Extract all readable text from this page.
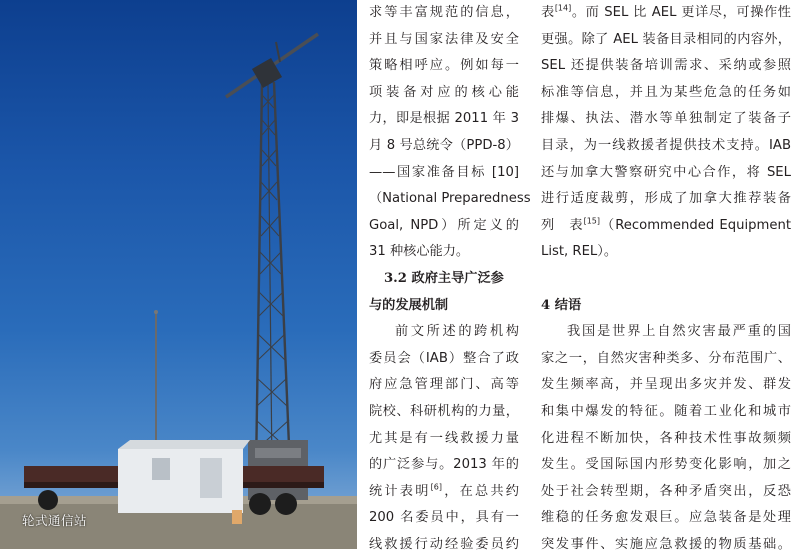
轮式通信站
求等丰富规范的信息，
并且与国家法律及安全
策略相呼应。例如每一
项装备对应的核心能
力，即是根据 2011 年 3
月 8 号总统令（PPD-8）
——国家准备目标 [10]
（National Preparedness
Goal, NPD）所定义的
31 种核心能力。
3.2 政府主导广泛参
与的发展机制
前文所述的跨机构
委员会（IAB）整合了政
府应急管理部门、高等
院校、科研机构的力量，
尤其是有一线救援力量
的广泛参与。2013 年的
统计表明[6]，在总共约
200 名委员中，具有一
线救援行动经验委员约
表[14]。而 SEL 比 AEL 更详尽，可操作性
更强。除了 AEL 装备目录相同的内容外，
SEL 还提供装备培训需求、采纳或参照
标准等信息，并且为某些危急的任务如
排爆、执法、潜水等单独制定了装备子
目录，为一线救援者提供技术支持。IAB
还与加拿大警察研究中心合作，将 SEL
进行适度裁剪，形成了加拿大推荐装备
列　表[15]（Recommended Equipment
List, REL）。
4 结语
我国是世界上自然灾害最严重的国
家之一，自然灾害种类多、分布范围广、
发生频率高，并呈现出多灾并发、群发
和集中爆发的特征。随着工业化和城市
化进程不断加快，各种技术性事故频频
发生。受国际国内形势变化影响，加之
处于社会转型期，各种矛盾突出，反恐
维稳的任务愈发艰巨。应急装备是处理
突发事件、实施应急救援的物质基础。
